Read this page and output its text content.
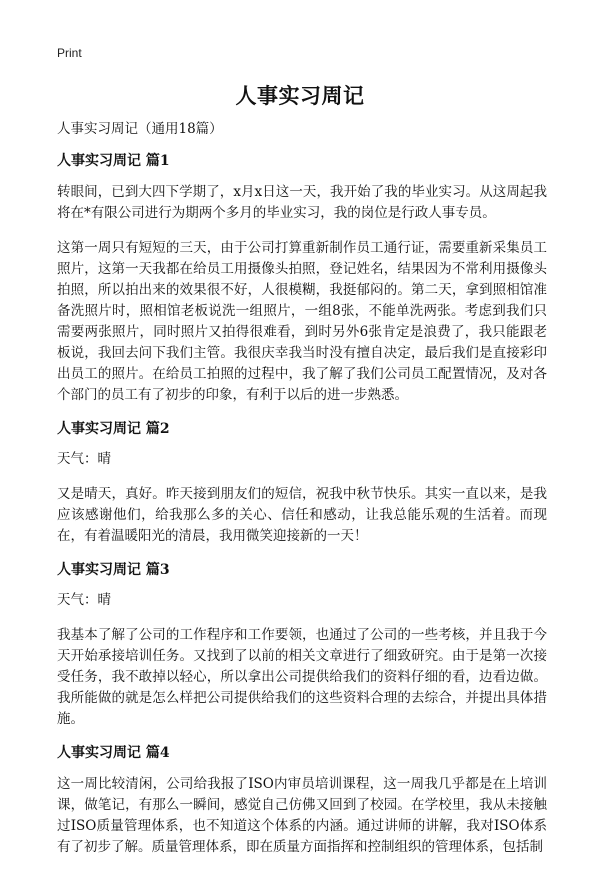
Print
人事实习周记

人事实习周记（通用18篇）

人事实习周记 篇1

转眼间，已到大四下学期了，x月x日这一天，我开始了我的毕业实习。从这周起我将在*有限公司进行为期两个多月的毕业实习，我的岗位是行政人事专员。

这第一周只有短短的三天，由于公司打算重新制作员工通行证，需要重新采集员工照片，这第一天我都在给员工用摄像头拍照，登记姓名，结果因为不常利用摄像头拍照，所以拍出来的效果很不好，人很模糊，我挺郁闷的。第二天，拿到照相馆准备洗照片时，照相馆老板说洗一组照片，一组8张，不能单洗两张。考虑到我们只需要两张照片，同时照片又拍得很难看，到时另外6张肯定是浪费了，我只能跟老板说，我回去问下我们主管。我很庆幸我当时没有擅自决定，最后我们是直接彩印出员工的照片。在给员工拍照的过程中，我了解了我们公司员工配置情况，及对各个部门的员工有了初步的印象，有利于以后的进一步熟悉。

人事实习周记 篇2

天气：晴

又是晴天，真好。昨天接到朋友们的短信，祝我中秋节快乐。其实一直以来，是我应该感谢他们，给我那么多的关心、信任和感动，让我总能乐观的生活着。而现在，有着温暖阳光的清晨，我用微笑迎接新的一天！

人事实习周记 篇3

天气：晴

我基本了解了公司的工作程序和工作要领，也通过了公司的一些考核，并且我于今天开始承接培训任务。又找到了以前的相关文章进行了细致研究。由于是第一次接受任务，我不敢掉以轻心，所以拿出公司提供给我们的资料仔细的看，边看边做。我所能做的就是怎么样把公司提供给我们的这些资料合理的去综合，并提出具体措施。

人事实习周记 篇4

这一周比较清闲，公司给我报了ISO内审员培训课程，这一周我几乎都是在上培训课，做笔记，有那么一瞬间，感觉自己仿佛又回到了校园。在学校里，我从未接触过ISO质量管理体系，也不知道这个体系的内涵。通过讲师的讲解，我对ISO体系有了初步了解。质量管理体系，即在质量方面指挥和控制组织的管理体系，包括制
